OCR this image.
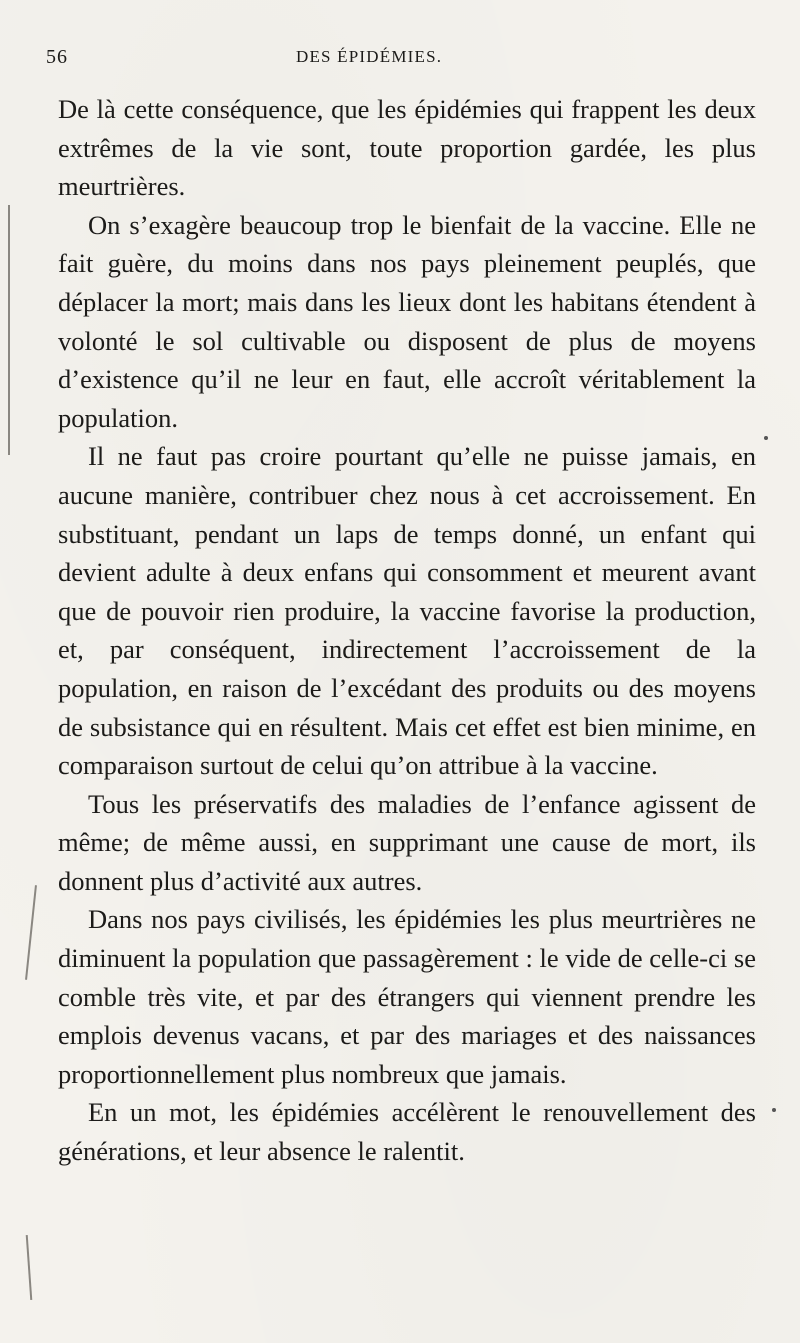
56	DES ÉPIDÉMIES.

De là cette conséquence, que les épidémies qui frappent les deux extrêmes de la vie sont, toute proportion gardée, les plus meurtrières.

On s’exagère beaucoup trop le bienfait de la vaccine. Elle ne fait guère, du moins dans nos pays pleinement peuplés, que déplacer la mort; mais dans les lieux dont les habitans étendent à volonté le sol cultivable ou disposent de plus de moyens d’existence qu’il ne leur en faut, elle accroît véritablement la population.

Il ne faut pas croire pourtant qu’elle ne puisse jamais, en aucune manière, contribuer chez nous à cet accroissement. En substituant, pendant un laps de temps donné, un enfant qui devient adulte à deux enfans qui consomment et meurent avant que de pouvoir rien produire, la vaccine favorise la production, et, par conséquent, indirectement l’accroissement de la population, en raison de l’excédant des produits ou des moyens de subsistance qui en résultent. Mais cet effet est bien minime, en comparaison surtout de celui qu’on attribue à la vaccine.

Tous les préservatifs des maladies de l’enfance agissent de même; de même aussi, en supprimant une cause de mort, ils donnent plus d’activité aux autres.

Dans nos pays civilisés, les épidémies les plus meurtrières ne diminuent la population que passagèrement : le vide de celle-ci se comble très vite, et par des étrangers qui viennent prendre les emplois devenus vacans, et par des mariages et des naissances proportionnellement plus nombreux que jamais.

En un mot, les épidémies accélèrent le renouvellement des générations, et leur absence le ralentit.
